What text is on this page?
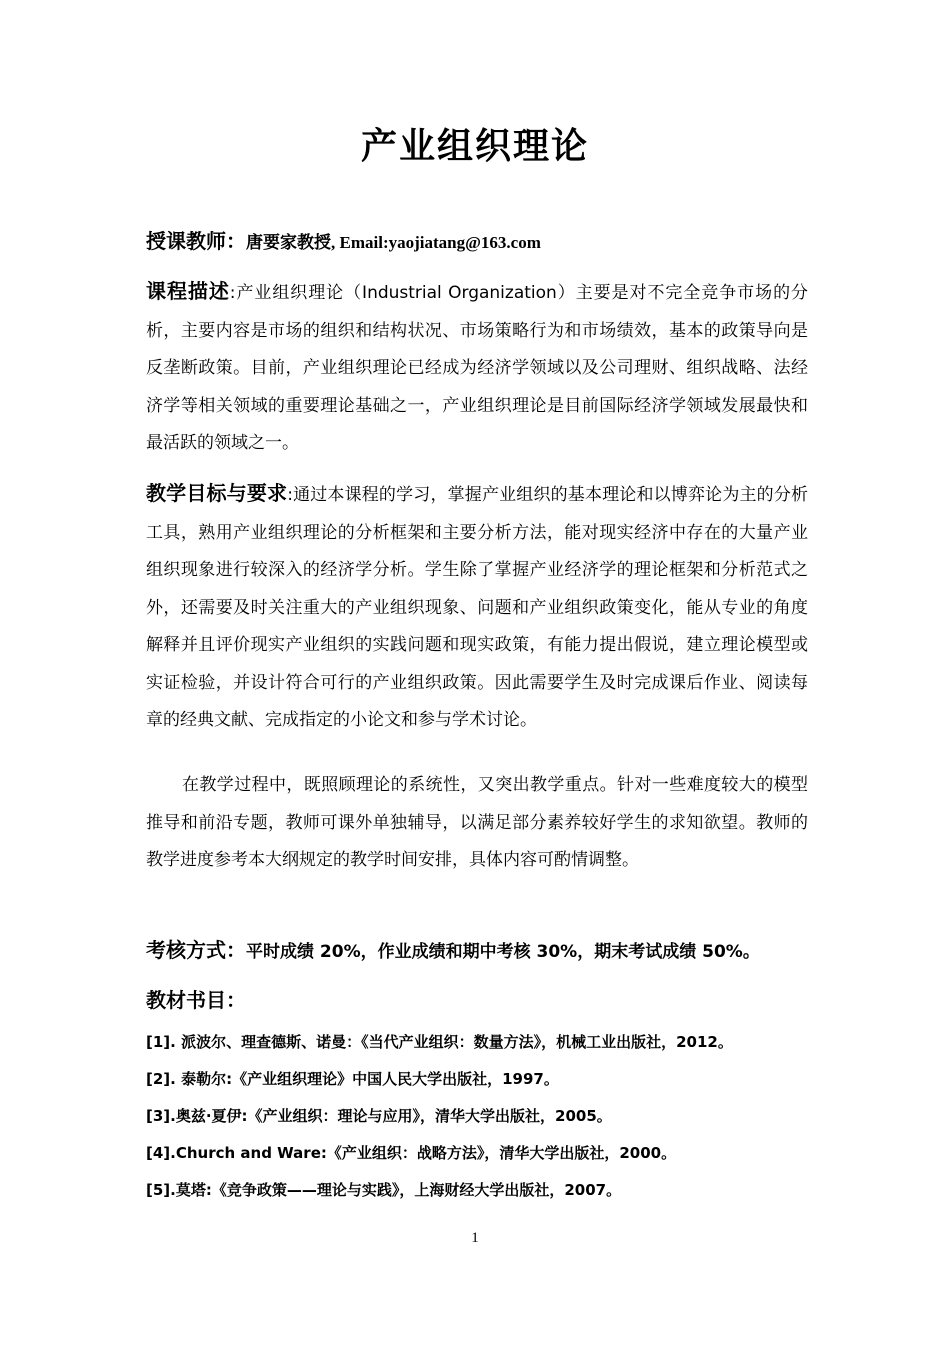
产业组织理论
授课教师：唐要家教授, Email:yaojiatang@163.com

课程描述:产业组织理论（Industrial Organization）主要是对不完全竞争市场的分析，主要内容是市场的组织和结构状况、市场策略行为和市场绩效，基本的政策导向是反垄断政策。目前，产业组织理论已经成为经济学领域以及公司理财、组织战略、法经济学等相关领域的重要理论基础之一，产业组织理论是目前国际经济学领域发展最快和最活跃的领域之一。

教学目标与要求:通过本课程的学习，掌握产业组织的基本理论和以博弈论为主的分析工具，熟用产业组织理论的分析框架和主要分析方法，能对现实经济中存在的大量产业组织现象进行较深入的经济学分析。学生除了掌握产业经济学的理论框架和分析范式之外，还需要及时关注重大的产业组织现象、问题和产业组织政策变化，能从专业的角度解释并且评价现实产业组织的实践问题和现实政策，有能力提出假说，建立理论模型或实证检验，并设计符合可行的产业组织政策。因此需要学生及时完成课后作业、阅读每章的经典文献、完成指定的小论文和参与学术讨论。

在教学过程中，既照顾理论的系统性，又突出教学重点。针对一些难度较大的模型推导和前沿专题，教师可课外单独辅导，以满足部分素养较好学生的求知欲望。教师的教学进度参考本大纲规定的教学时间安排，具体内容可酌情调整。

考核方式：平时成绩 20%，作业成绩和期中考核 30%，期末考试成绩 50%。
教材书目：
[1]. 派波尔、理查德斯、诺曼：《当代产业组织：数量方法》，机械工业出版社，2012。
[2]. 泰勒尔:《产业组织理论》中国人民大学出版社，1997。
[3].奥兹·夏伊:《产业组织：理论与应用》，清华大学出版社，2005。
[4].Church and Ware:《产业组织：战略方法》，清华大学出版社，2000。
[5].莫塔:《竞争政策——理论与实践》，上海财经大学出版社，2007。
1
